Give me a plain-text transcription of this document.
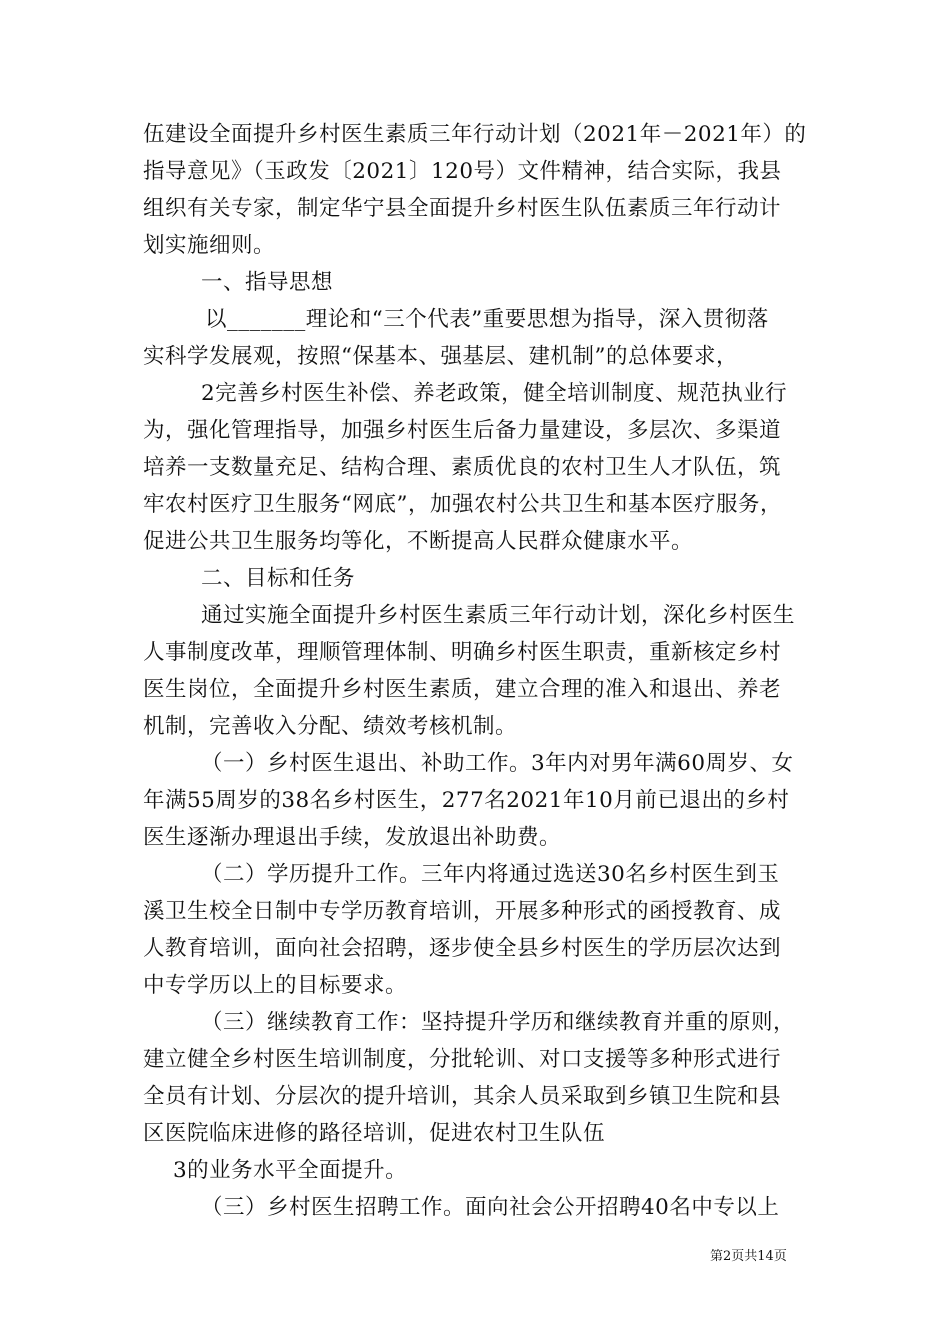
伍建设全面提升乡村医生素质三年行动计划（2021年－2021年）的
指导意见》（玉政发〔2021〕120号）文件精神，结合实际，我县
组织有关专家，制定华宁县全面提升乡村医生队伍素质三年行动计
划实施细则。
一、指导思想
以_______理论和“三个代表”重要思想为指导，深入贯彻落
实科学发展观，按照“保基本、强基层、建机制”的总体要求，
2完善乡村医生补偿、养老政策，健全培训制度、规范执业行
为，强化管理指导，加强乡村医生后备力量建设，多层次、多渠道
培养一支数量充足、结构合理、素质优良的农村卫生人才队伍，筑
牢农村医疗卫生服务“网底”，加强农村公共卫生和基本医疗服务，
促进公共卫生服务均等化，不断提高人民群众健康水平。
二、目标和任务
通过实施全面提升乡村医生素质三年行动计划，深化乡村医生
人事制度改革，理顺管理体制、明确乡村医生职责，重新核定乡村
医生岗位，全面提升乡村医生素质，建立合理的准入和退出、养老
机制，完善收入分配、绩效考核机制。
（一）乡村医生退出、补助工作。3年内对男年满60周岁、女
年满55周岁的38名乡村医生，277名2021年10月前已退出的乡村
医生逐渐办理退出手续，发放退出补助费。
（二）学历提升工作。三年内将通过选送30名乡村医生到玉
溪卫生校全日制中专学历教育培训，开展多种形式的函授教育、成
人教育培训，面向社会招聘，逐步使全县乡村医生的学历层次达到
中专学历以上的目标要求。
（三）继续教育工作：坚持提升学历和继续教育并重的原则，
建立健全乡村医生培训制度，分批轮训、对口支援等多种形式进行
全员有计划、分层次的提升培训，其余人员采取到乡镇卫生院和县
区医院临床进修的路径培训，促进农村卫生队伍
3的业务水平全面提升。
（三）乡村医生招聘工作。面向社会公开招聘40名中专以上
第2页共14页
